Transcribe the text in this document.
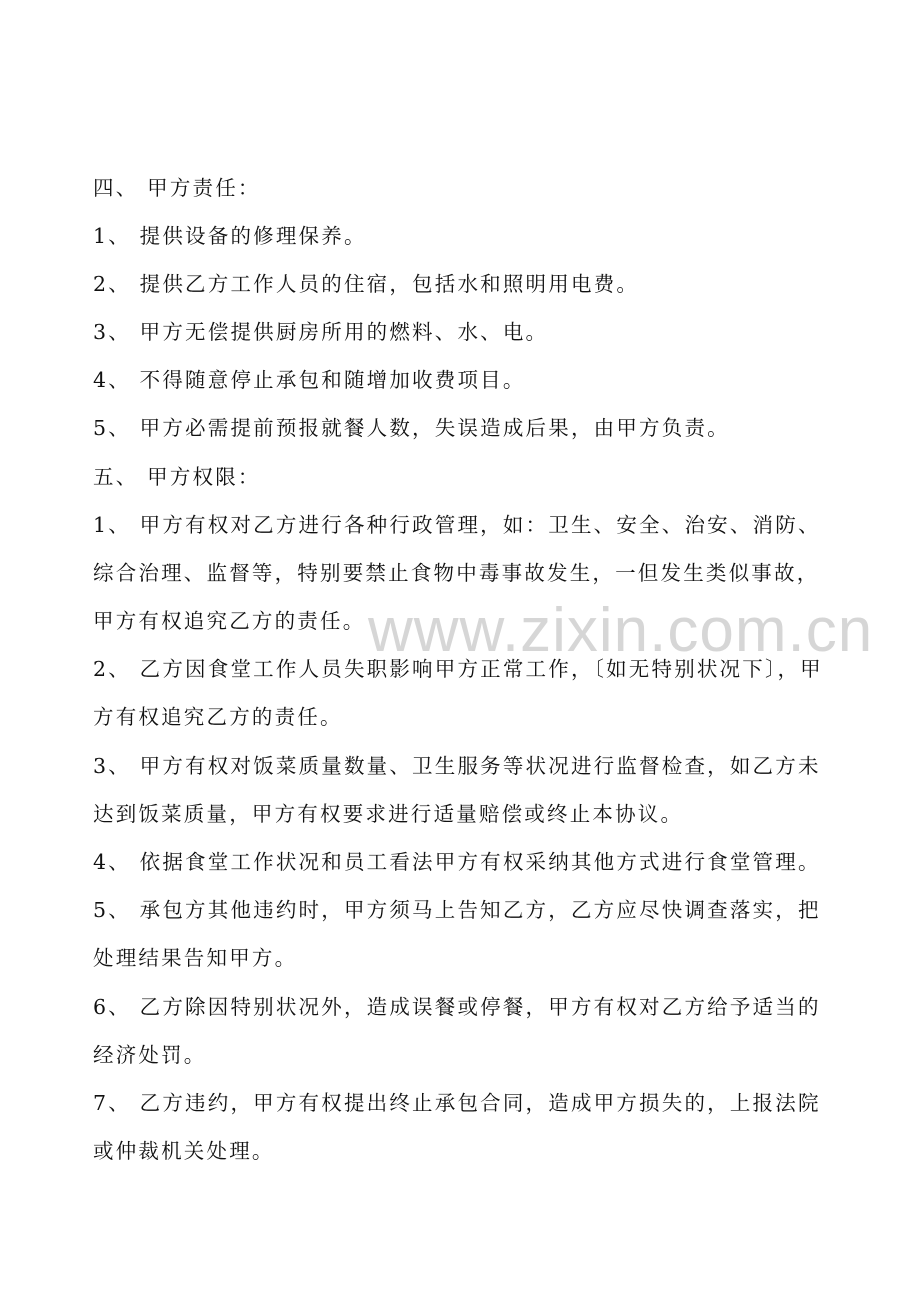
www.zixin.com.cn
四、 甲方责任：
1、 提供设备的修理保养。
2、 提供乙方工作人员的住宿，包括水和照明用电费。
3、 甲方无偿提供厨房所用的燃料、水、电。
4、 不得随意停止承包和随增加收费项目。
5、 甲方必需提前预报就餐人数，失误造成后果，由甲方负责。
五、 甲方权限：
1、 甲方有权对乙方进行各种行政管理，如：卫生、安全、治安、消防、
综合治理、监督等，特别要禁止食物中毒事故发生，一但发生类似事故，
甲方有权追究乙方的责任。
2、 乙方因食堂工作人员失职影响甲方正常工作，〔如无特别状况下〕，甲
方有权追究乙方的责任。
3、 甲方有权对饭菜质量数量、卫生服务等状况进行监督检查，如乙方未
达到饭菜质量，甲方有权要求进行适量赔偿或终止本协议。
4、 依据食堂工作状况和员工看法甲方有权采纳其他方式进行食堂管理。
5、 承包方其他违约时，甲方须马上告知乙方，乙方应尽快调查落实，把
处理结果告知甲方。
6、 乙方除因特别状况外，造成误餐或停餐，甲方有权对乙方给予适当的
经济处罚。
7、 乙方违约，甲方有权提出终止承包合同，造成甲方损失的，上报法院
或仲裁机关处理。
